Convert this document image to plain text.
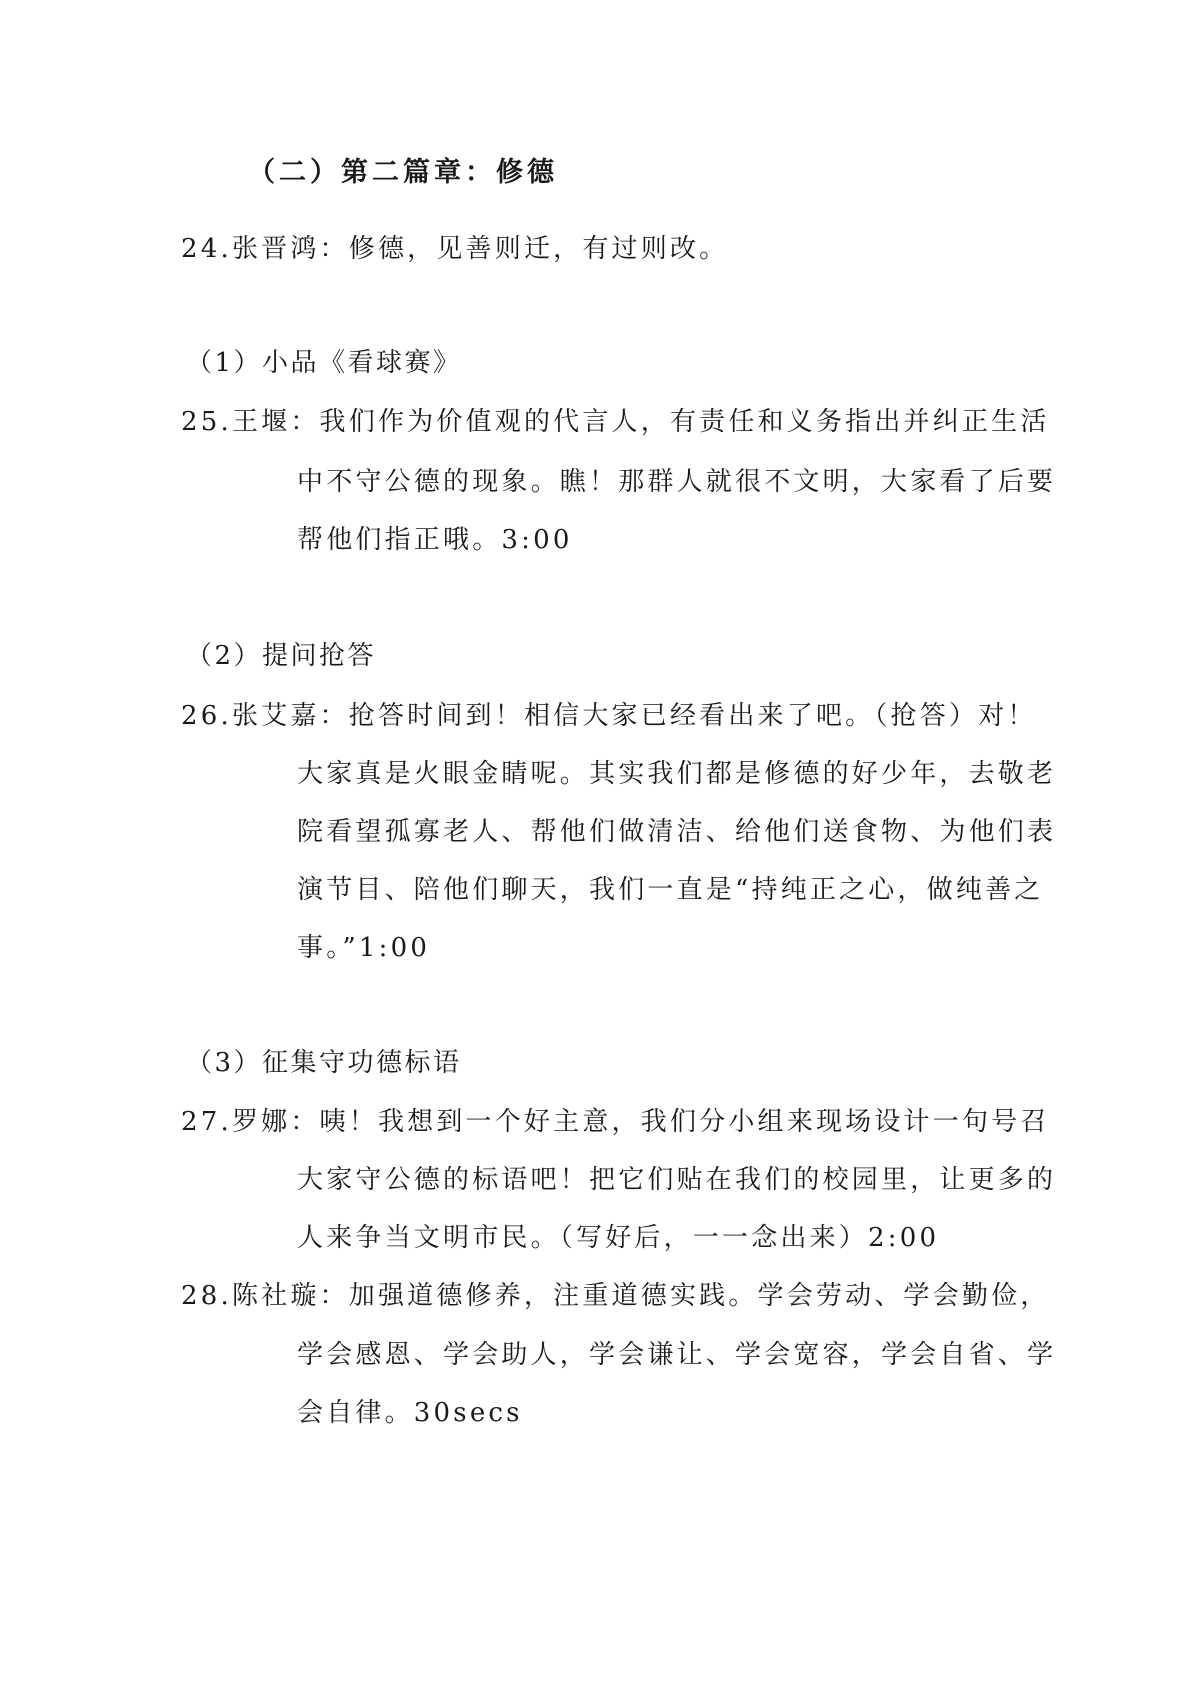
（二）第二篇章：修德
24.张晋鸿：修德，见善则迁，有过则改。
（1）小品《看球赛》
25.王堰：我们作为价值观的代言人，有责任和义务指出并纠正生活
中不守公德的现象。瞧！那群人就很不文明，大家看了后要
帮他们指正哦。3:00
（2）提问抢答
26.张艾嘉：抢答时间到！相信大家已经看出来了吧。（抢答）对！
大家真是火眼金睛呢。其实我们都是修德的好少年，去敬老
院看望孤寡老人、帮他们做清洁、给他们送食物、为他们表
演节目、陪他们聊天，我们一直是“持纯正之心，做纯善之
事。”1:00
（3）征集守功德标语
27.罗娜：咦！我想到一个好主意，我们分小组来现场设计一句号召
大家守公德的标语吧！把它们贴在我们的校园里，让更多的
人来争当文明市民。（写好后，一一念出来）2:00
28.陈社璇：加强道德修养，注重道德实践。学会劳动、学会勤俭，
学会感恩、学会助人，学会谦让、学会宽容，学会自省、学
会自律。30secs
